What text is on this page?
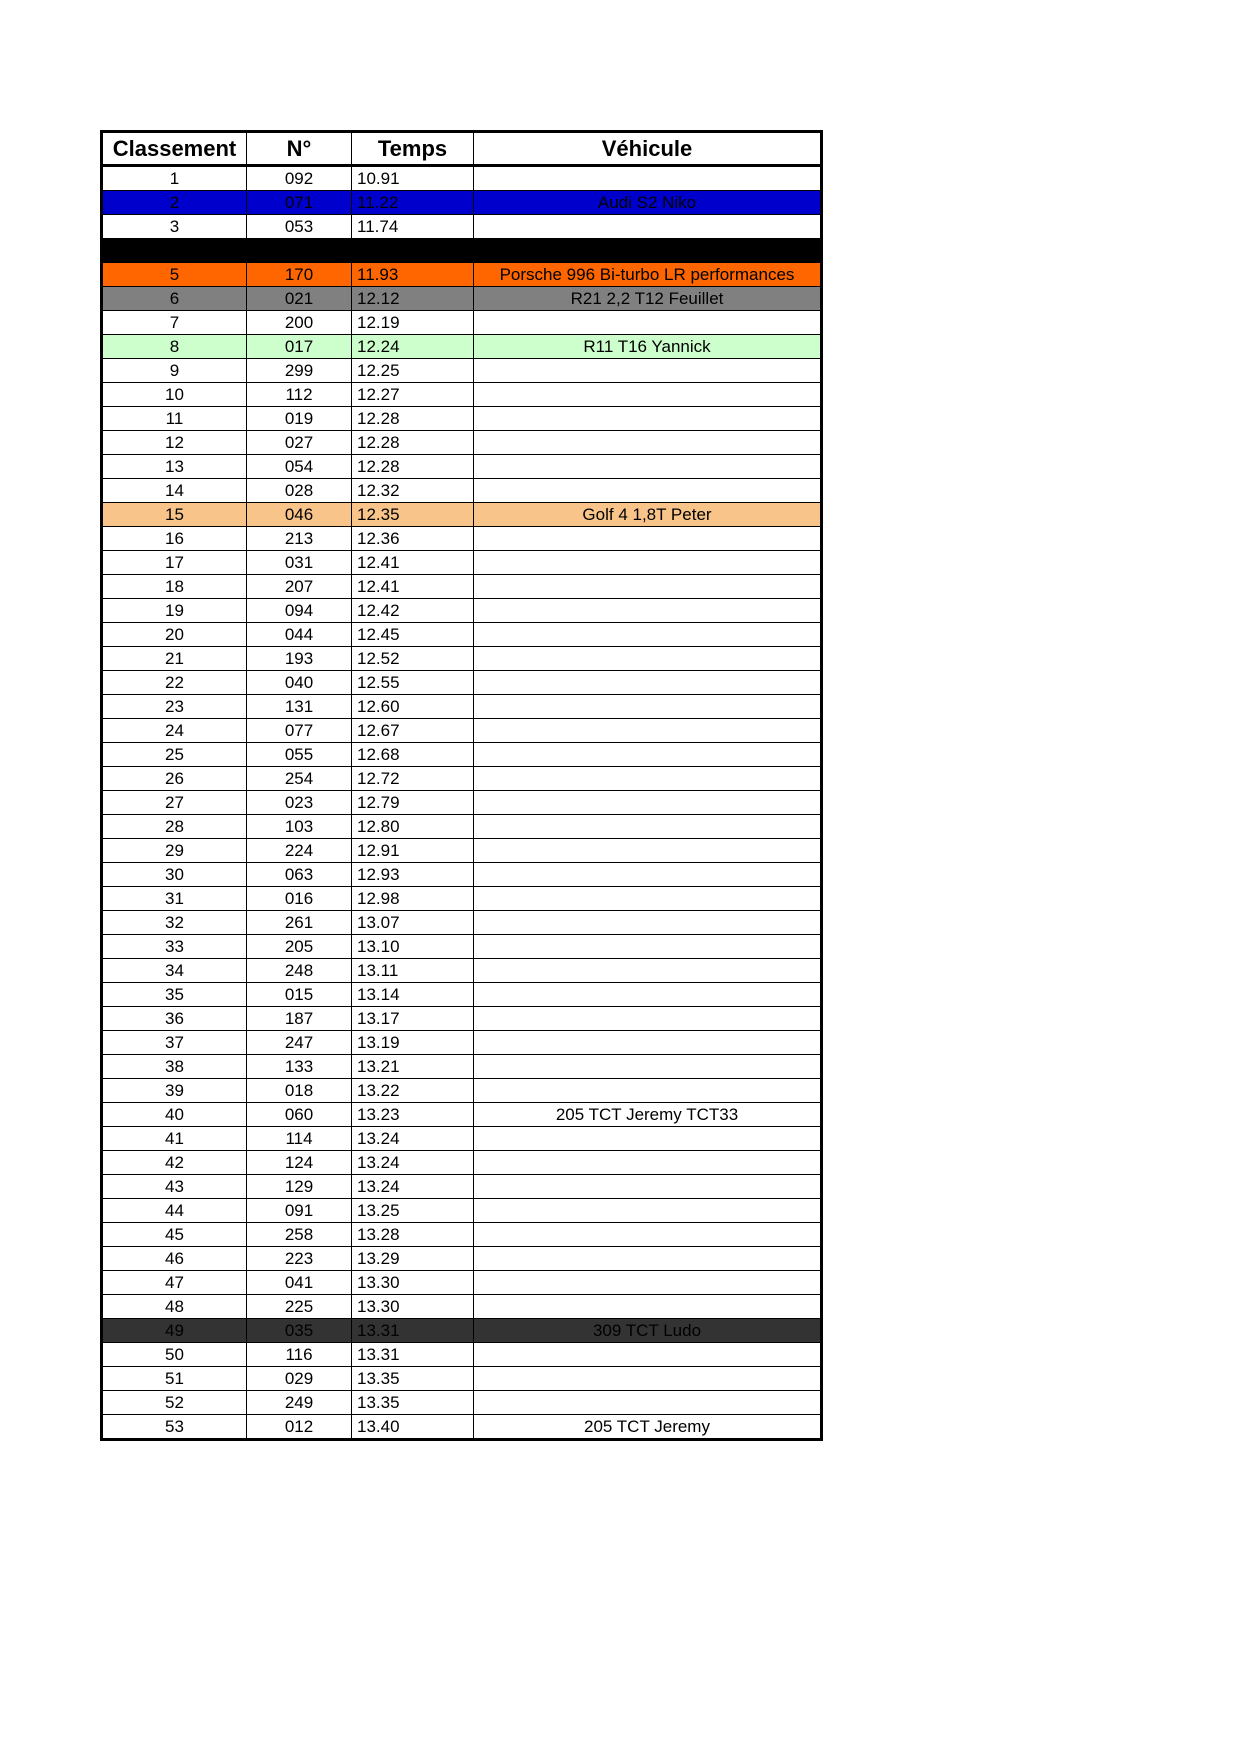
Classement	N°	Temps	Véhicule
1	092	10.91	
2	071	11.22	Audi S2 Niko
3	053	11.74	
4	036	11.89	205 TCT Eraser
5	170	11.93	Porsche 996 Bi-turbo LR performances
6	021	12.12	R21 2,2 T12 Feuillet
7	200	12.19	
8	017	12.24	R11 T16 Yannick
9	299	12.25	
10	112	12.27	
11	019	12.28	
12	027	12.28	
13	054	12.28	
14	028	12.32	
15	046	12.35	Golf 4 1,8T Peter
16	213	12.36	
17	031	12.41	
18	207	12.41	
19	094	12.42	
20	044	12.45	
21	193	12.52	
22	040	12.55	
23	131	12.60	
24	077	12.67	
25	055	12.68	
26	254	12.72	
27	023	12.79	
28	103	12.80	
29	224	12.91	
30	063	12.93	
31	016	12.98	
32	261	13.07	
33	205	13.10	
34	248	13.11	
35	015	13.14	
36	187	13.17	
37	247	13.19	
38	133	13.21	
39	018	13.22	
40	060	13.23	205 TCT Jeremy TCT33
41	114	13.24	
42	124	13.24	
43	129	13.24	
44	091	13.25	
45	258	13.28	
46	223	13.29	
47	041	13.30	
48	225	13.30	
49	035	13.31	309 TCT Ludo
50	116	13.31	
51	029	13.35	
52	249	13.35	
53	012	13.40	205 TCT Jeremy
